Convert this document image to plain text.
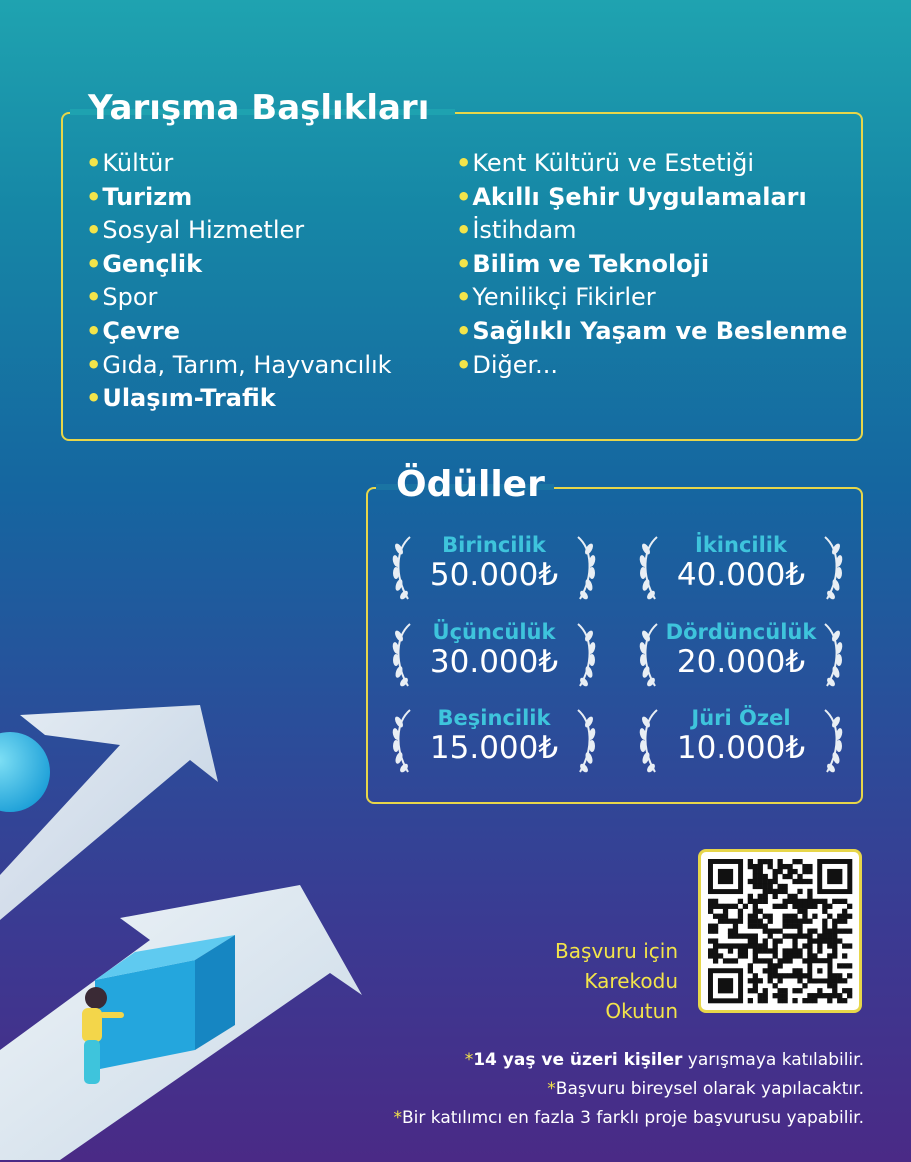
Yarışma Başlıkları
•Kültür
•Turizm
•Sosyal Hizmetler
•Gençlik
•Spor
•Çevre
•Gıda, Tarım, Hayvancılık
•Ulaşım-Trafik
•Kent Kültürü ve Estetiği
•Akıllı Şehir Uygulamaları
•İstihdam
•Bilim ve Teknoloji
•Yenilikçi Fikirler
•Sağlıklı Yaşam ve Beslenme
•Diğer...
Ödüller
Birincilik
50.000₺
İkincilik
40.000₺
Üçüncülük
30.000₺
Dördüncülük
20.000₺
Beşincilik
15.000₺
Jüri Özel
10.000₺
Başvuru için
Karekodu
Okutun
*14 yaş ve üzeri kişiler yarışmaya katılabilir.
*Başvuru bireysel olarak yapılacaktır.
*Bir katılımcı en fazla 3 farklı proje başvurusu yapabilir.
